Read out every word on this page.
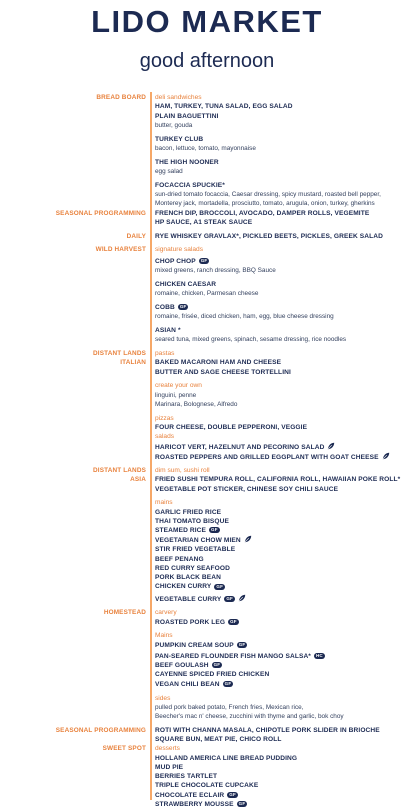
LIDO MARKET
good afternoon
BREAD BOARD deli sandwiches
HAM, TURKEY, TUNA SALAD, EGG SALAD
PLAIN BAGUETTINI
butter, gouda
TURKEY CLUB
bacon, lettuce, tomato, mayonnaise
THE HIGH NOONER
egg salad
FOCACCIA SPUCKIE*
sun-dried tomato focaccia, Caesar dressing, spicy mustard, roasted bell pepper, Monterey jack, mortadella, prosciutto, tomato, arugula, onion, turkey, gherkins
SEASONAL PROGRAMMING FRENCH DIP, BROCCOLI, AVOCADO, DAMPER ROLLS, VEGEMITE
HP SAUCE, A1 STEAK SAUCE
DAILY RYE WHISKEY GRAVLAX*, PICKLED BEETS, PICKLES, GREEK SALAD
WILD HARVEST signature salads
CHOP CHOP GF
mixed greens, ranch dressing, BBQ Sauce
CHICKEN CAESAR
romaine, chicken, Parmesan cheese
COBB GF
romaine, frisée, diced chicken, ham, egg, blue cheese dressing
ASIAN *
seared tuna, mixed greens, spinach, sesame dressing, rice noodles
DISTANT LANDS
ITALIAN
pastas
BAKED MACARONI HAM AND CHEESE
BUTTER AND SAGE CHEESE TORTELLINI
create your own
linguini, penne
Marinara, Bolognese, Alfredo
pizzas
FOUR CHEESE, DOUBLE PEPPERONI, VEGGIE
salads
HARICOT VERT, HAZELNUT AND PECORINO SALAD
ROASTED PEPPERS AND GRILLED EGGPLANT WITH GOAT CHEESE
DISTANT LANDS
ASIA
dim sum, sushi roll
FRIED SUSHI TEMPURA ROLL, CALIFORNIA ROLL, HAWAIIAN POKE ROLL*
VEGETABLE POT STICKER, CHINESE SOY CHILI SAUCE
mains
GARLIC FRIED RICE
THAI TOMATO BISQUE
STEAMED RICE GF
VEGETARIAN CHOW MIEN
STIR FRIED VEGETABLE
BEEF PENANG
RED CURRY SEAFOOD
PORK BLACK BEAN
CHICKEN CURRY GF
VEGETABLE CURRY GF
HOMESTEAD carvery
ROASTED PORK LEG GF
Mains
PUMPKIN CREAM SOUP GF
PAN-SEARED FLOUNDER FISH MANGO SALSA* HC
BEEF GOULASH GF
CAYENNE SPICED FRIED CHICKEN
VEGAN CHILI BEAN GF
sides
pulled pork baked potato, French fries, Mexican rice,
Beecher's mac n' cheese, zucchini with thyme and garlic, bok choy
SEASONAL PROGRAMMING ROTI WITH CHANNA MASALA, CHIPOTLE PORK SLIDER IN BRIOCHE
SQUARE BUN, MEAT PIE, CHICO ROLL
SWEET SPOT desserts
HOLLAND AMERICA LINE BREAD PUDDING
MUD PIE
BERRIES TARTLET
TRIPLE CHOCOLATE CUPCAKE
CHOCOLATE ECLAIR GF
STRAWBERRY MOUSSE GF
